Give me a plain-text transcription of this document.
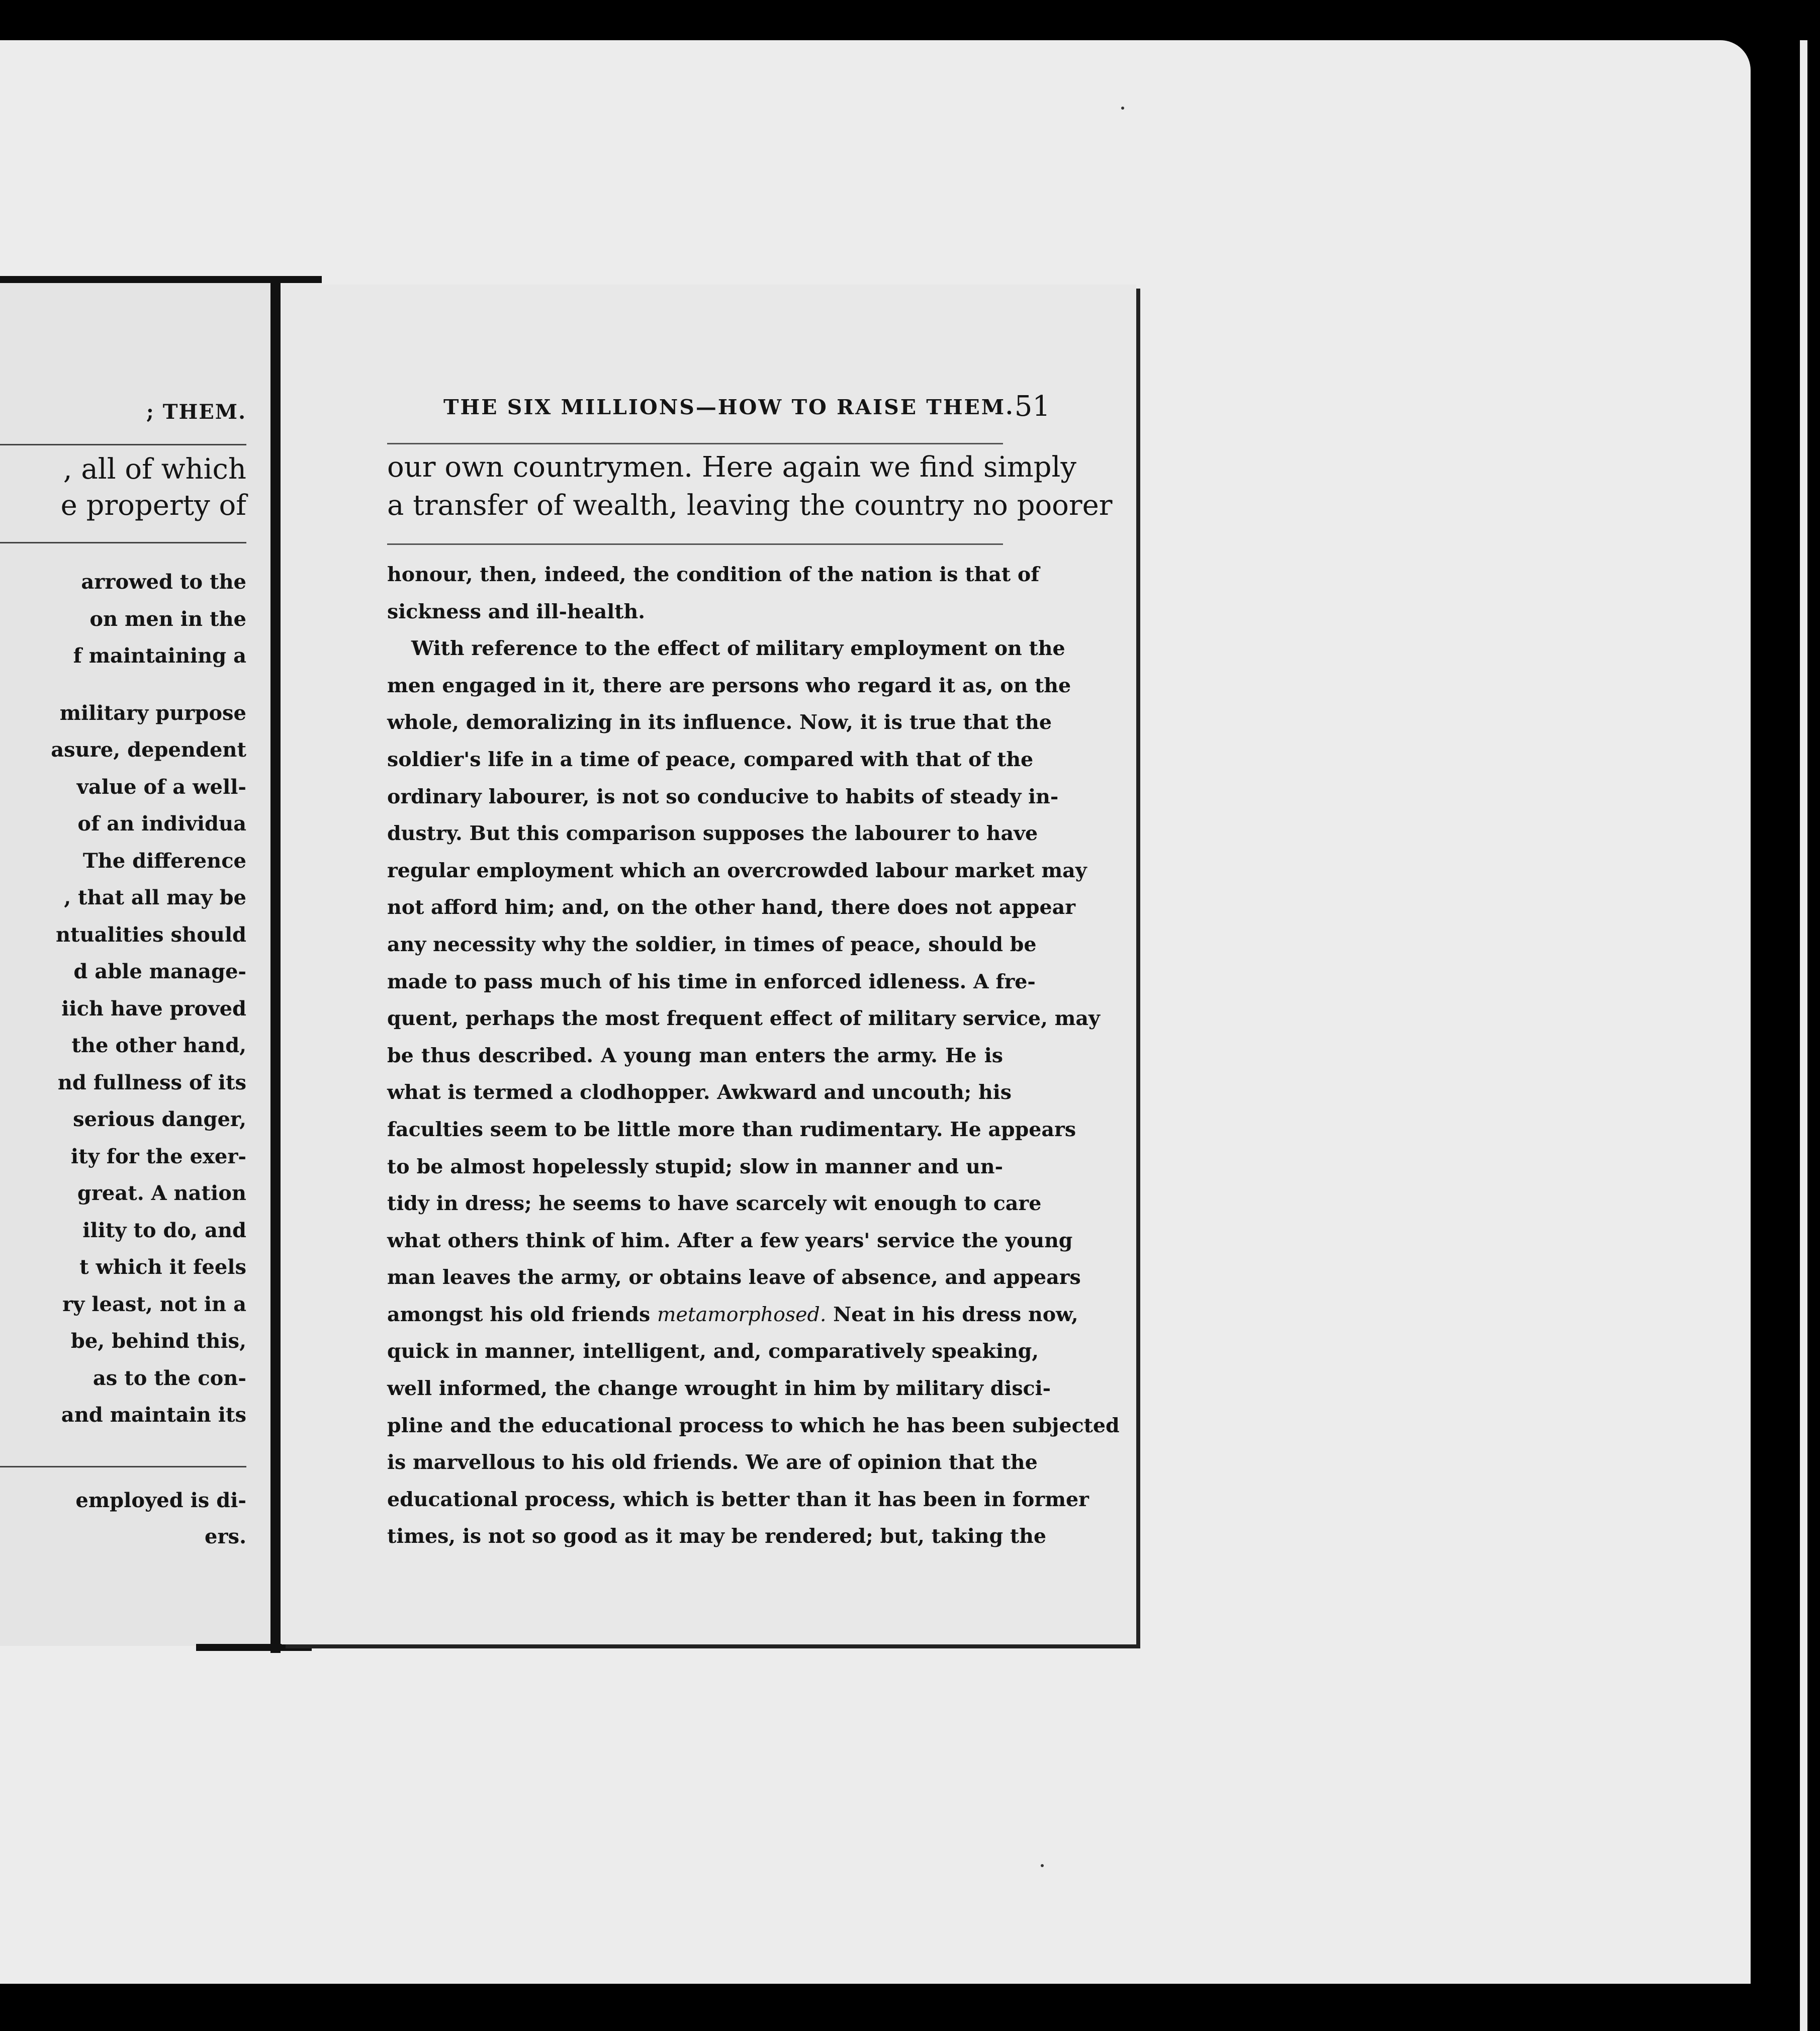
; THEM.
, all of which
e property of
arrowed to the
on men in the
f maintaining a
military purpose
asure, dependent
value of a well-
of an individua
The difference
, that all may be
ntualities should
d able manage-
iich have proved
the other hand,
nd fullness of its
serious danger,
ity for the exer-
great. A nation
ility to do, and
t which it feels
ry least, not in a
be, behind this,
as to the con-
and maintain its
employed is di-
ers.
THE SIX MILLIONS—HOW TO RAISE THEM. 51
our own countrymen. Here again we find simply
a transfer of wealth, leaving the country no poorer
honour, then, indeed, the condition of the nation is that of
sickness and ill-health.
With reference to the effect of military employment on the
men engaged in it, there are persons who regard it as, on the
whole, demoralizing in its influence. Now, it is true that the
soldier's life in a time of peace, compared with that of the
ordinary labourer, is not so conducive to habits of steady in-
dustry. But this comparison supposes the labourer to have
regular employment which an overcrowded labour market may
not afford him; and, on the other hand, there does not appear
any necessity why the soldier, in times of peace, should be
made to pass much of his time in enforced idleness. A fre-
quent, perhaps the most frequent effect of military service, may
be thus described. A young man enters the army. He is
what is termed a clodhopper. Awkward and uncouth; his
faculties seem to be little more than rudimentary. He appears
to be almost hopelessly stupid; slow in manner and un-
tidy in dress; he seems to have scarcely wit enough to care
what others think of him. After a few years' service the young
man leaves the army, or obtains leave of absence, and appears
amongst his old friends metamorphosed. Neat in his dress now,
quick in manner, intelligent, and, comparatively speaking,
well informed, the change wrought in him by military disci-
pline and the educational process to which he has been subjected
is marvellous to his old friends. We are of opinion that the
educational process, which is better than it has been in former
times, is not so good as it may be rendered; but, taking the
